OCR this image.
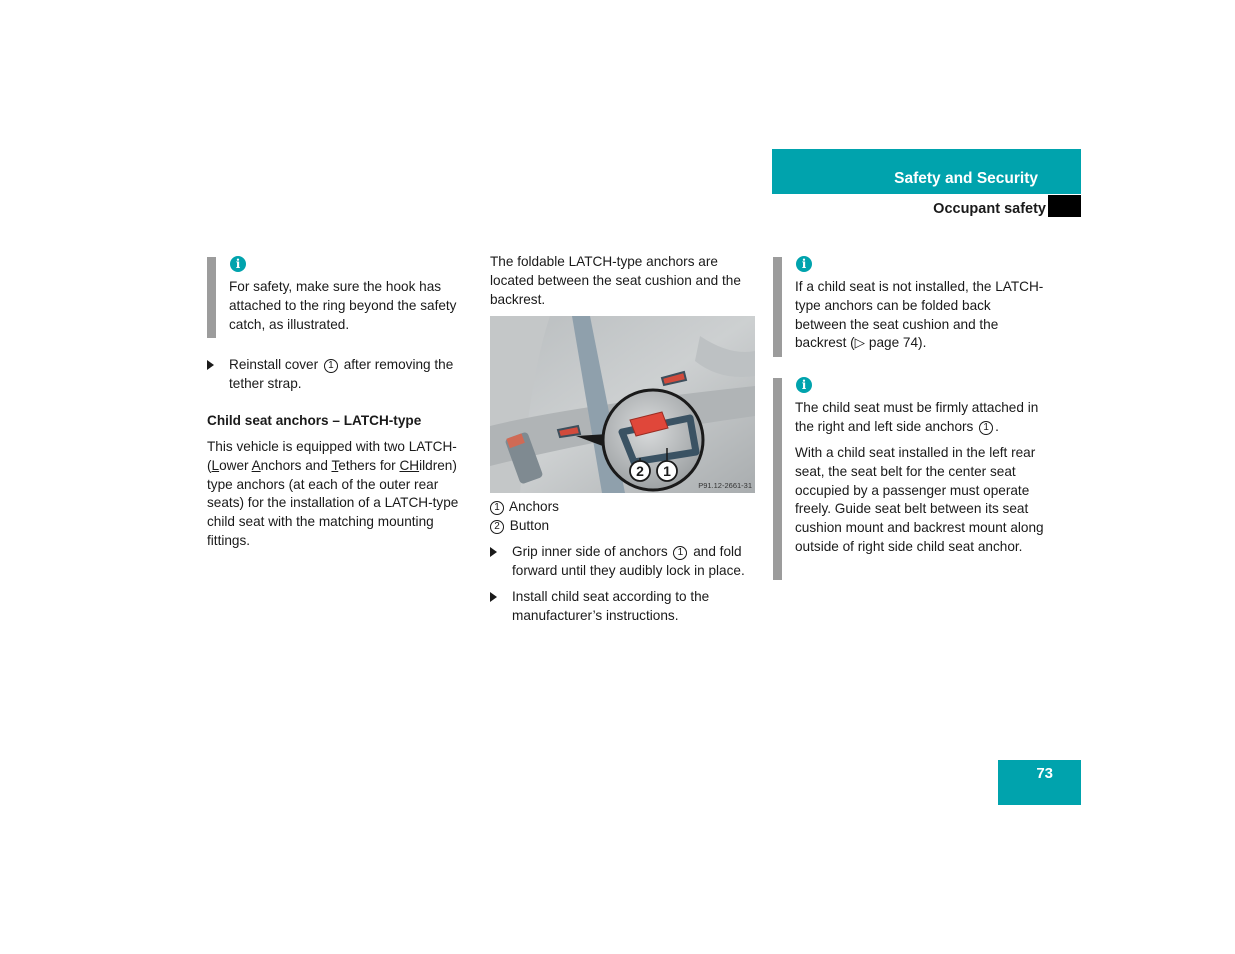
Safety and Security
Occupant safety
i

For safety, make sure the hook has attached to the ring beyond the safety catch, as illustrated.

Reinstall cover 1 after removing the tether strap.

Child seat anchors – LATCH-type

This vehicle is equipped with two LATCH-(Lower Anchors and Tethers for CHildren) type anchors (at each of the outer rear seats) for the installation of a LATCH-type child seat with the matching mounting fittings.

The foldable LATCH-type anchors are located between the seat cushion and the backrest.

2 1
P91.12-2661-31

1 Anchors

2 Button

Grip inner side of anchors 1 and fold forward until they audibly lock in place.

Install child seat according to the manufacturer’s instructions.

i

If a child seat is not installed, the LATCH-type anchors can be folded back between the seat cushion and the backrest (▷ page 74).

i

The child seat must be firmly attached in the right and left side anchors 1 .

With a child seat installed in the left rear seat, the seat belt for the center seat occupied by a passenger must operate freely. Guide seat belt between its seat cushion mount and backrest mount along outside of right side child seat anchor.

73
